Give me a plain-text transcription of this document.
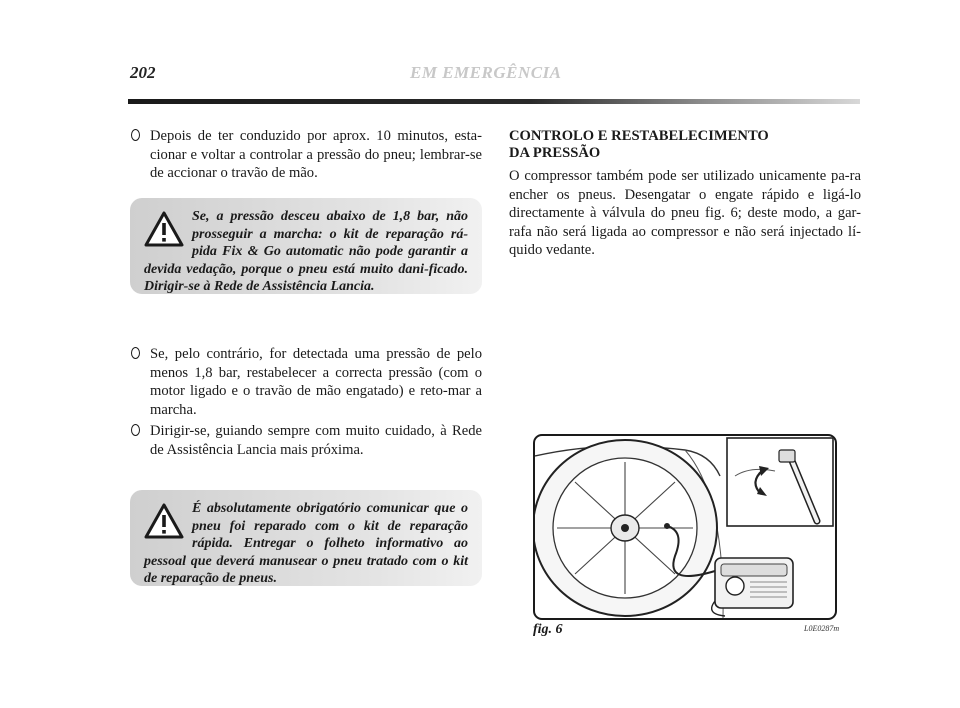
202	EM EMERGÊNCIA

Depois de ter conduzido por aprox. 10 minutos, esta-cionar e voltar a controlar a pressão do pneu; lembrar-se de accionar o travão de mão.

Se, a pressão desceu abaixo de 1,8 bar, não prosseguir a marcha: o kit de reparação rá-pida Fix & Go automatic não pode garantir a devida vedação, porque o pneu está muito dani-ficado. Dirigir-se à Rede de Assistência Lancia.

Se, pelo contrário, for detectada uma pressão de pelo menos 1,8 bar, restabelecer a correcta pressão (com o motor ligado e o travão de mão engatado) e reto-mar a marcha.

Dirigir-se, guiando sempre com muito cuidado, à Rede de Assistência Lancia mais próxima.

É absolutamente obrigatório comunicar que o pneu foi reparado com o kit de reparação rápida. Entregar o folheto informativo ao pessoal que deverá manusear o pneu tratado com o kit de reparação de pneus.
CONTROLO E RESTABELECIMENTO
DA PRESSÃO
O compressor também pode ser utilizado unicamente pa-ra encher os pneus. Desengatar o engate rápido e ligá-lo directamente à válvula do pneu fig. 6; deste modo, a gar-rafa não será ligada ao compressor e não será injectado lí-quido vedante.
fig. 6	L0E0287m
